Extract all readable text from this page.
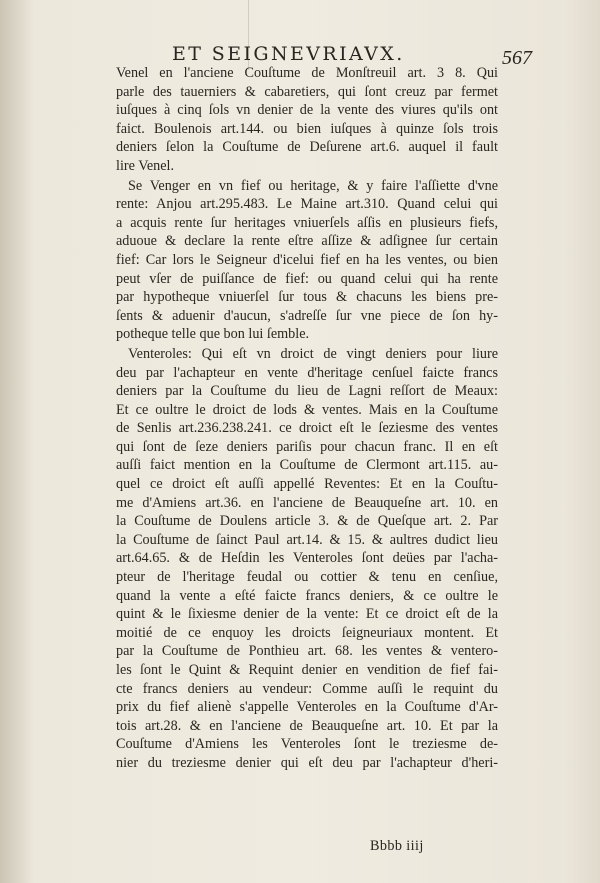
ET SEIGNEVRIAVX.	567
Venel en l'anciene Couſtume de Monſtreuil art. 3 8. Qui
parle des tauerniers & cabaretiers, qui ſont creuz par fermet
iuſques à cinq ſols vn denier de la vente des viures qu'ils ont
faict. Boulenois art.144. ou bien iuſques à quinze ſols trois
deniers ſelon la Couſtume de Deſurene art.6. auquel il fault
lire Venel.
Se Venger en vn fief ou heritage, & y faire l'aſſiette d'vne
rente: Anjou art.295.483. Le Maine art.310. Quand celui qui
a acquis rente ſur heritages vniuerſels aſſis en plusieurs fiefs,
aduoue & declare la rente eſtre aſſize & adſignee ſur certain
fief: Car lors le Seigneur d'icelui fief en ha les ventes, ou bien
peut vſer de puiſſance de fief: ou quand celui qui ha rente
par hypotheque vniuerſel ſur tous & chacuns les biens pre-
ſents & aduenir d'aucun, s'adreſſe ſur vne piece de ſon hy-
potheque telle que bon lui ſemble.
Venteroles: Qui eſt vn droict de vingt deniers pour liure
deu par l'achapteur en vente d'heritage cenſuel faicte francs
deniers par la Couſtume du lieu de Lagni reſſort de Meaux:
Et ce oultre le droict de lods & ventes. Mais en la Couſtume
de Senlis art.236.238.241. ce droict eſt le ſeziesme des ventes
qui ſont de ſeze deniers pariſis pour chacun franc. Il en eſt
auſſi faict mention en la Couſtume de Clermont art.115. au-
quel ce droict eſt auſſi appellé Reventes: Et en la Couſtu-
me d'Amiens art.36. en l'anciene de Beauqueſne art. 10. en
la Couſtume de Doulens article 3. & de Queſque art. 2. Par
la Couſtume de ſainct Paul art.14. & 15. & aultres dudict lieu
art.64.65. & de Heſdin les Venteroles ſont deües par l'acha-
pteur de l'heritage feudal ou cottier & tenu en cenſiue,
quand la vente a eſté faicte francs deniers, & ce oultre le
quint & le ſixiesme denier de la vente: Et ce droict eſt de la
moitié de ce enquoy les droicts ſeigneuriaux montent. Et
par la Couſtume de Ponthieu art. 68. les ventes & ventero-
les ſont le Quint & Requint denier en vendition de fief fai-
cte francs deniers au vendeur: Comme auſſi le requint du
prix du fief alienè s'appelle Venteroles en la Couſtume d'Ar-
tois art.28. & en l'anciene de Beauqueſne art. 10. Et par la
Couſtume d'Amiens les Venteroles ſont le treziesme de-
nier du treziesme denier qui eſt deu par l'achapteur d'heri-
Bbbb iiij
